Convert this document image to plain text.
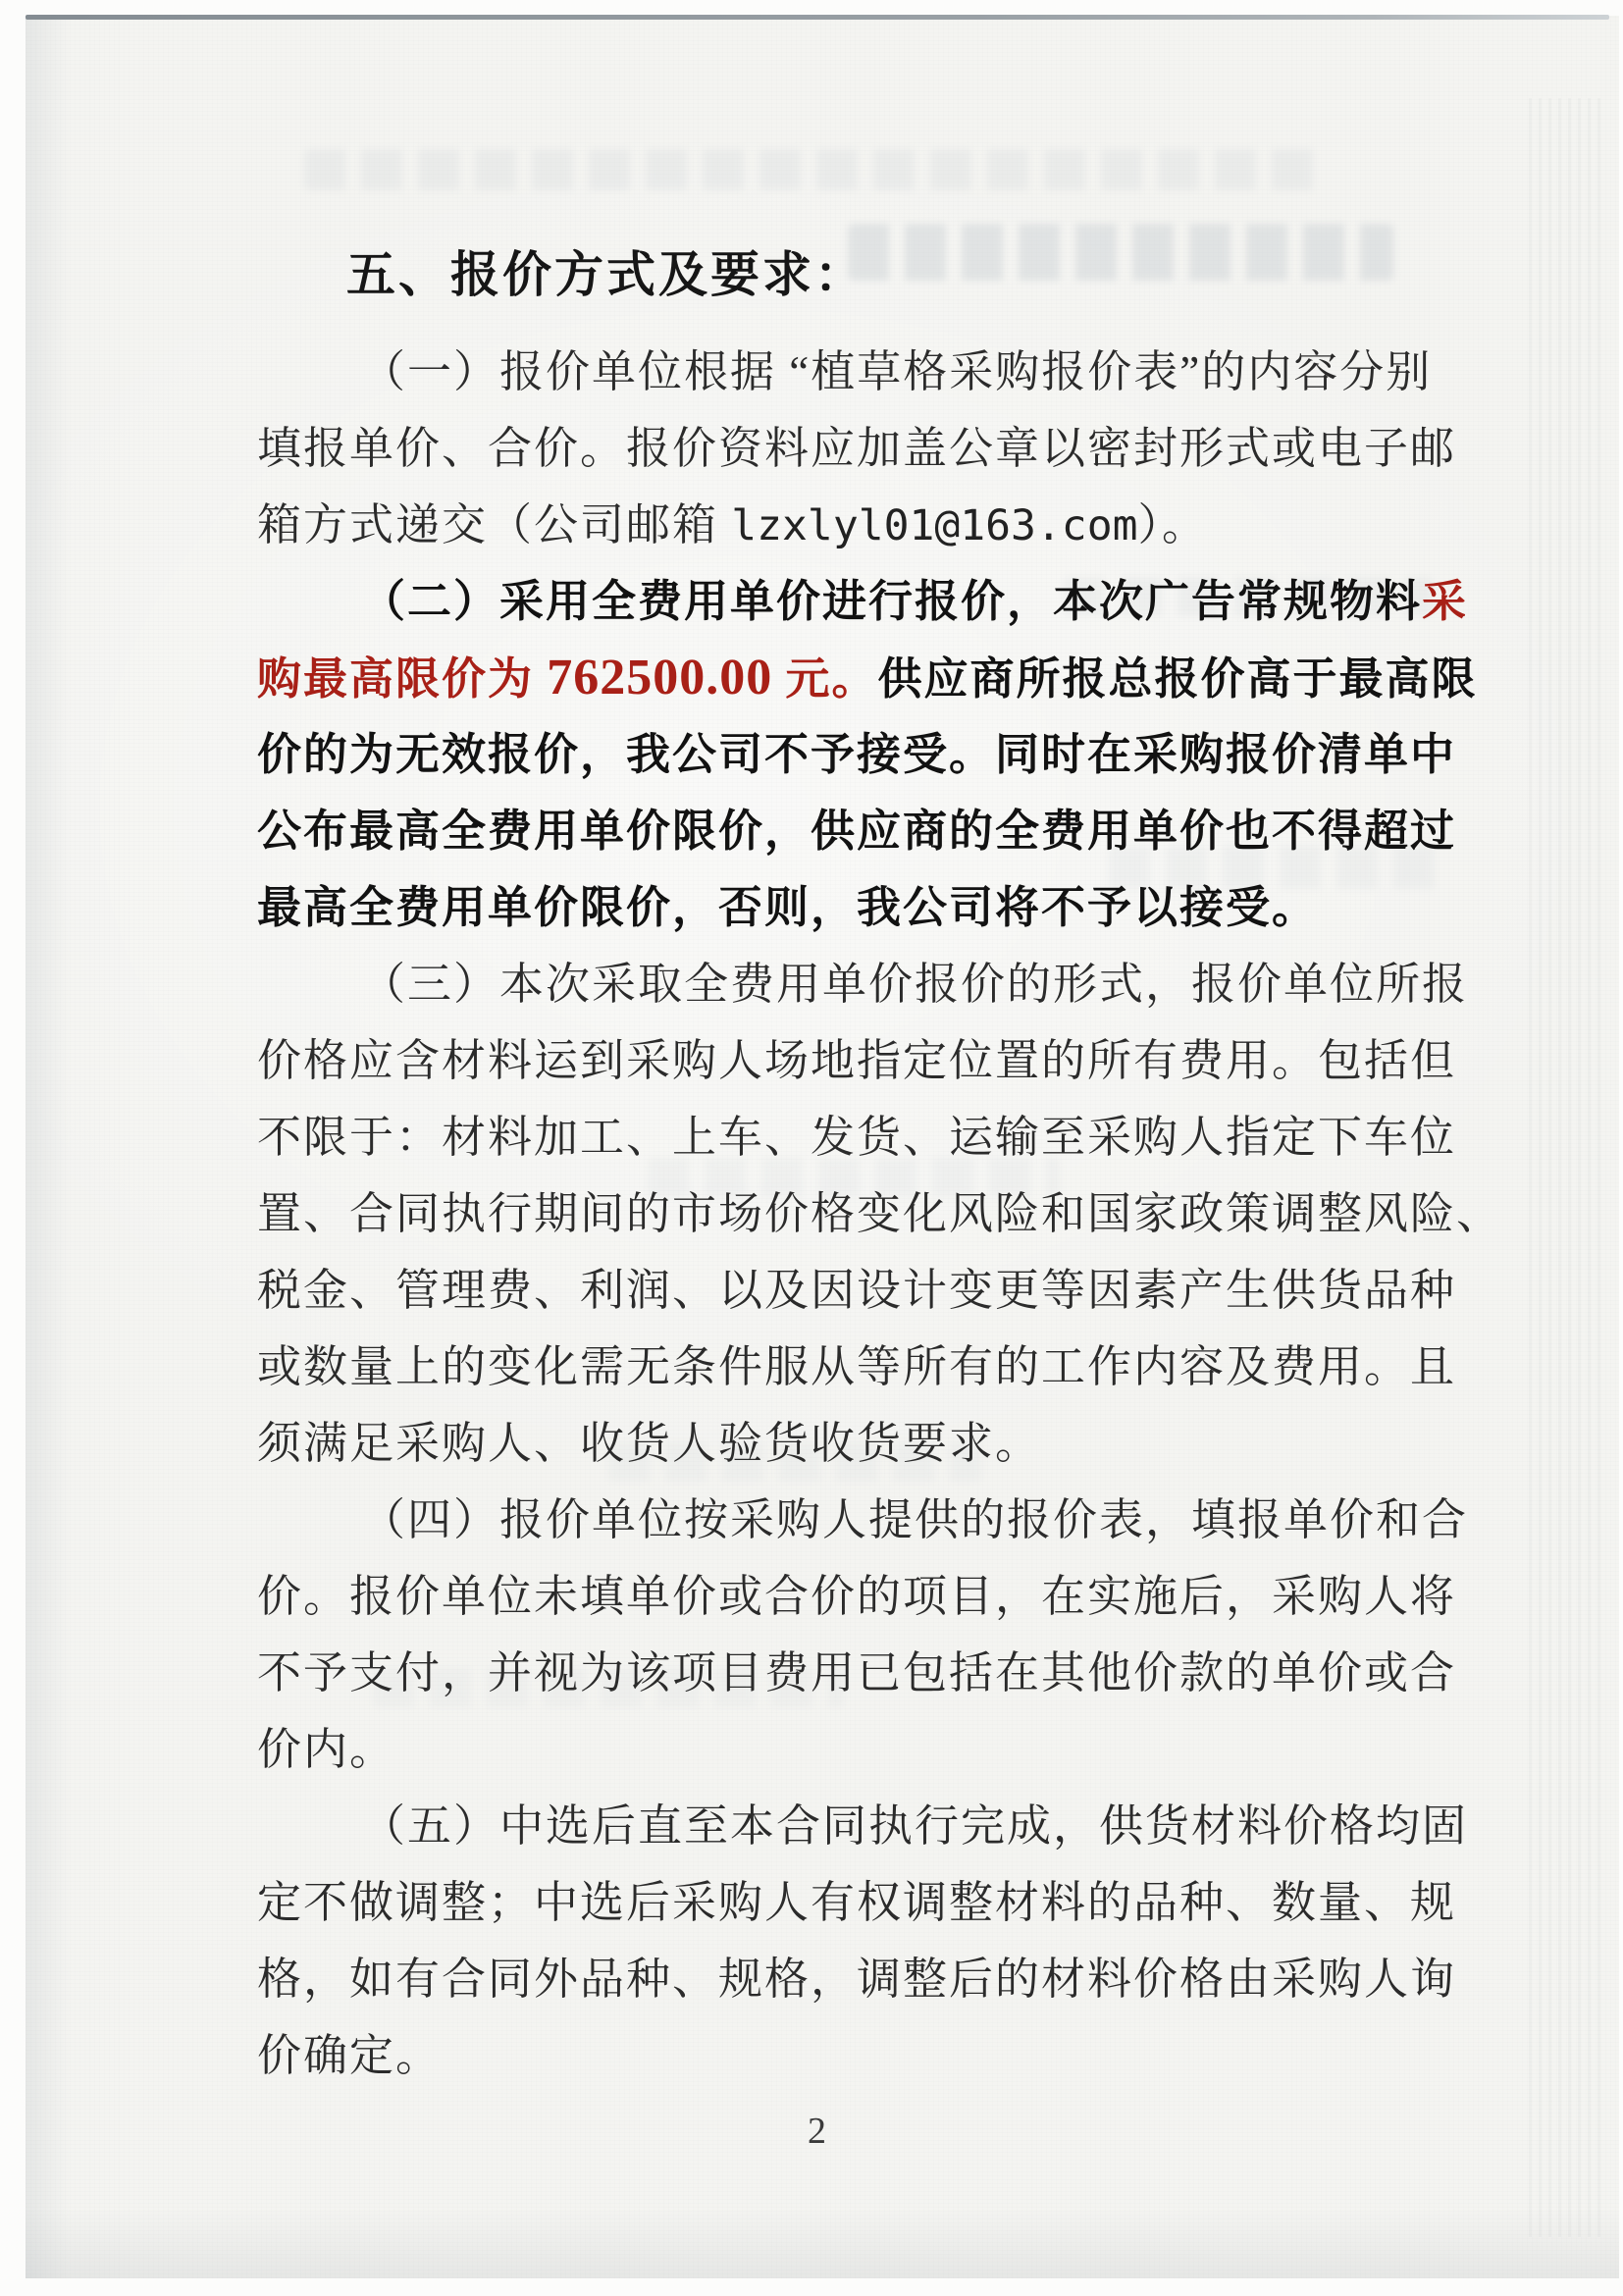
五、报价方式及要求：
（一）报价单位根据 “植草格采购报价表”的内容分别
填报单价、合价。报价资料应加盖公章以密封形式或电子邮
箱方式递交（公司邮箱 lzxlyl01@163.com）。
（二）采用全费用单价进行报价，本次广告常规物料采
购最高限价为 762500.00 元。供应商所报总报价高于最高限
价的为无效报价，我公司不予接受。同时在采购报价清单中
公布最高全费用单价限价，供应商的全费用单价也不得超过
最高全费用单价限价，否则，我公司将不予以接受。
（三）本次采取全费用单价报价的形式，报价单位所报
价格应含材料运到采购人场地指定位置的所有费用。包括但
不限于：材料加工、上车、发货、运输至采购人指定下车位
置、合同执行期间的市场价格变化风险和国家政策调整风险、
税金、管理费、利润、以及因设计变更等因素产生供货品种
或数量上的变化需无条件服从等所有的工作内容及费用。且
须满足采购人、收货人验货收货要求。
（四）报价单位按采购人提供的报价表，填报单价和合
价。报价单位未填单价或合价的项目，在实施后，采购人将
不予支付，并视为该项目费用已包括在其他价款的单价或合
价内。
（五）中选后直至本合同执行完成，供货材料价格均固
定不做调整；中选后采购人有权调整材料的品种、数量、规
格，如有合同外品种、规格，调整后的材料价格由采购人询
价确定。
2
